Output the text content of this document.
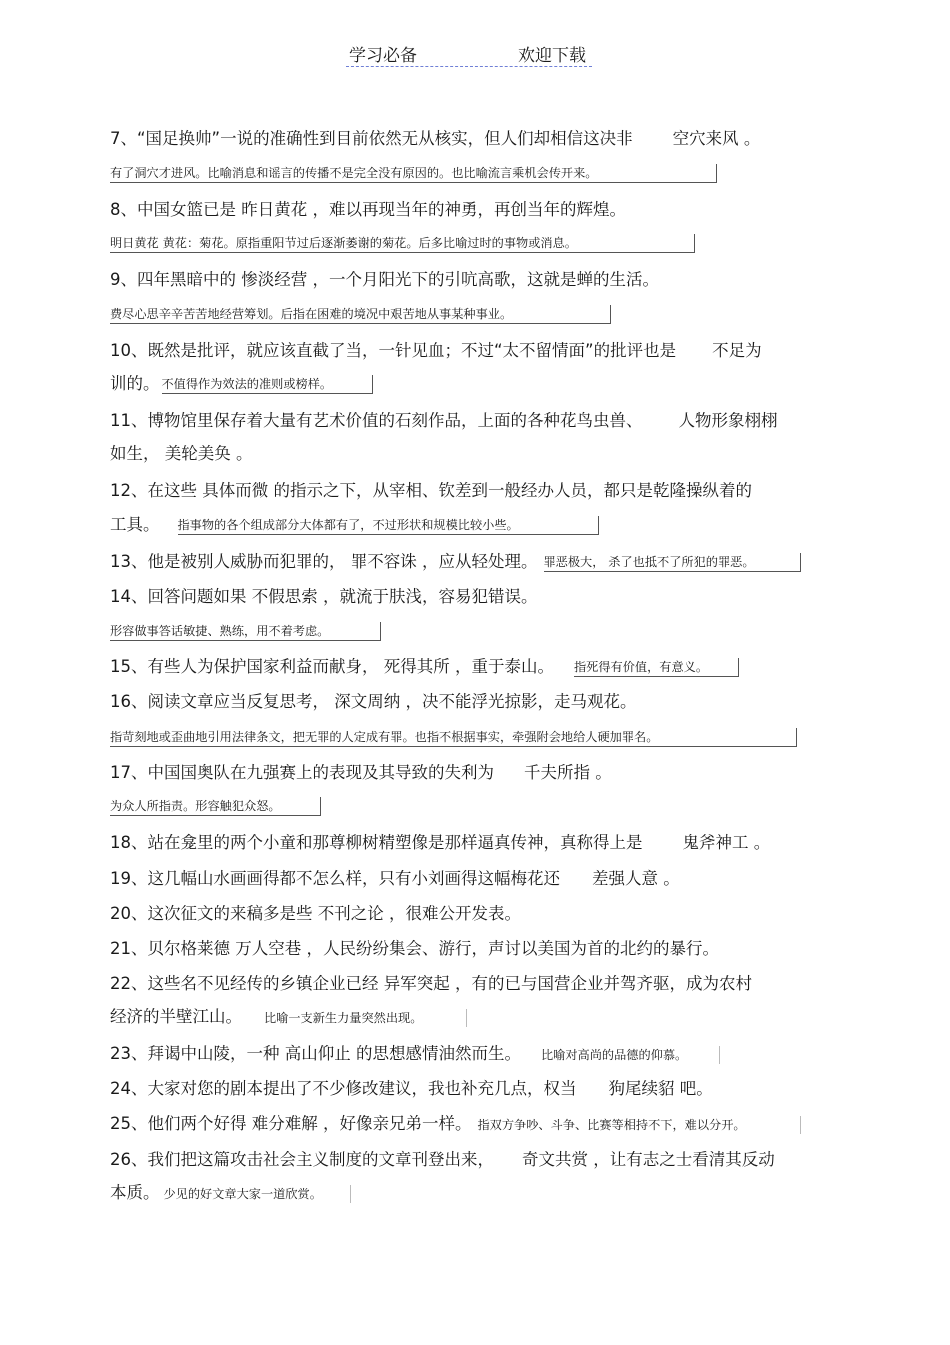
学习必备	欢迎下载
7、“国足换帅”一说的准确性到目前依然无从核实，但人们却相信这决非 空穴来风 。
有了洞穴才进风。比喻消息和谣言的传播不是完全没有原因的。也比喻流言乘机会传开来。
8、中国女篮已是 昨日黄花 ，难以再现当年的神勇，再创当年的辉煌。
明日黄花 黄花：菊花。原指重阳节过后逐渐萎谢的菊花。后多比喻过时的事物或消息。
9、四年黑暗中的 惨淡经营 ，一个月阳光下的引吭高歌，这就是蝉的生活。
费尽心思辛辛苦苦地经营筹划。后指在困难的境况中艰苦地从事某种事业。
10、既然是批评，就应该直截了当，一针见血；不过“太不留情面”的批评也是 不足为
训的。 不值得作为效法的准则或榜样。
11、博物馆里保存着大量有艺术价值的石刻作品，上面的各种花鸟虫兽、 人物形象栩栩
如生， 美轮美奂 。
12、在这些 具体而微 的指示之下，从宰相、钦差到一般经办人员，都只是乾隆操纵着的
工具。 指事物的各个组成部分大体都有了，不过形状和规模比较小些。
13、他是被别人威胁而犯罪的， 罪不容诛 ，应从轻处理。 罪恶极大， 杀了也抵不了所犯的罪恶。
14、回答问题如果 不假思索 ，就流于肤浅，容易犯错误。
形容做事答话敏捷、熟练，用不着考虑。
15、有些人为保护国家利益而献身， 死得其所 ，重于泰山。 指死得有价值，有意义。
16、阅读文章应当反复思考， 深文周纳 ，决不能浮光掠影，走马观花。
指苛刻地或歪曲地引用法律条文，把无罪的人定成有罪。也指不根据事实，牵强附会地给人硬加罪名。
17、中国国奥队在九强赛上的表现及其导致的失利为 千夫所指 。
为众人所指责。形容触犯众怒。
18、站在龛里的两个小童和那尊柳树精塑像是那样逼真传神，真称得上是 鬼斧神工 。
19、这几幅山水画画得都不怎么样，只有小刘画得这幅梅花还 差强人意 。
20、这次征文的来稿多是些 不刊之论 ，很难公开发表。
21、贝尔格莱德 万人空巷 ，人民纷纷集会、游行，声讨以美国为首的北约的暴行。
22、这些名不见经传的乡镇企业已经 异军突起 ，有的已与国营企业并驾齐驱，成为农村
经济的半壁江山。 比喻一支新生力量突然出现。
23、拜谒中山陵，一种 高山仰止 的思想感情油然而生。 比喻对高尚的品德的仰慕。
24、大家对您的剧本提出了不少修改建议，我也补充几点，权当 狗尾续貂 吧。
25、他们两个好得 难分难解 ，好像亲兄弟一样。 指双方争吵、斗争、比赛等相持不下，难以分开。
26、我们把这篇攻击社会主义制度的文章刊登出来， 奇文共赏 ，让有志之士看清其反动
本质。 少见的好文章大家一道欣赏。
